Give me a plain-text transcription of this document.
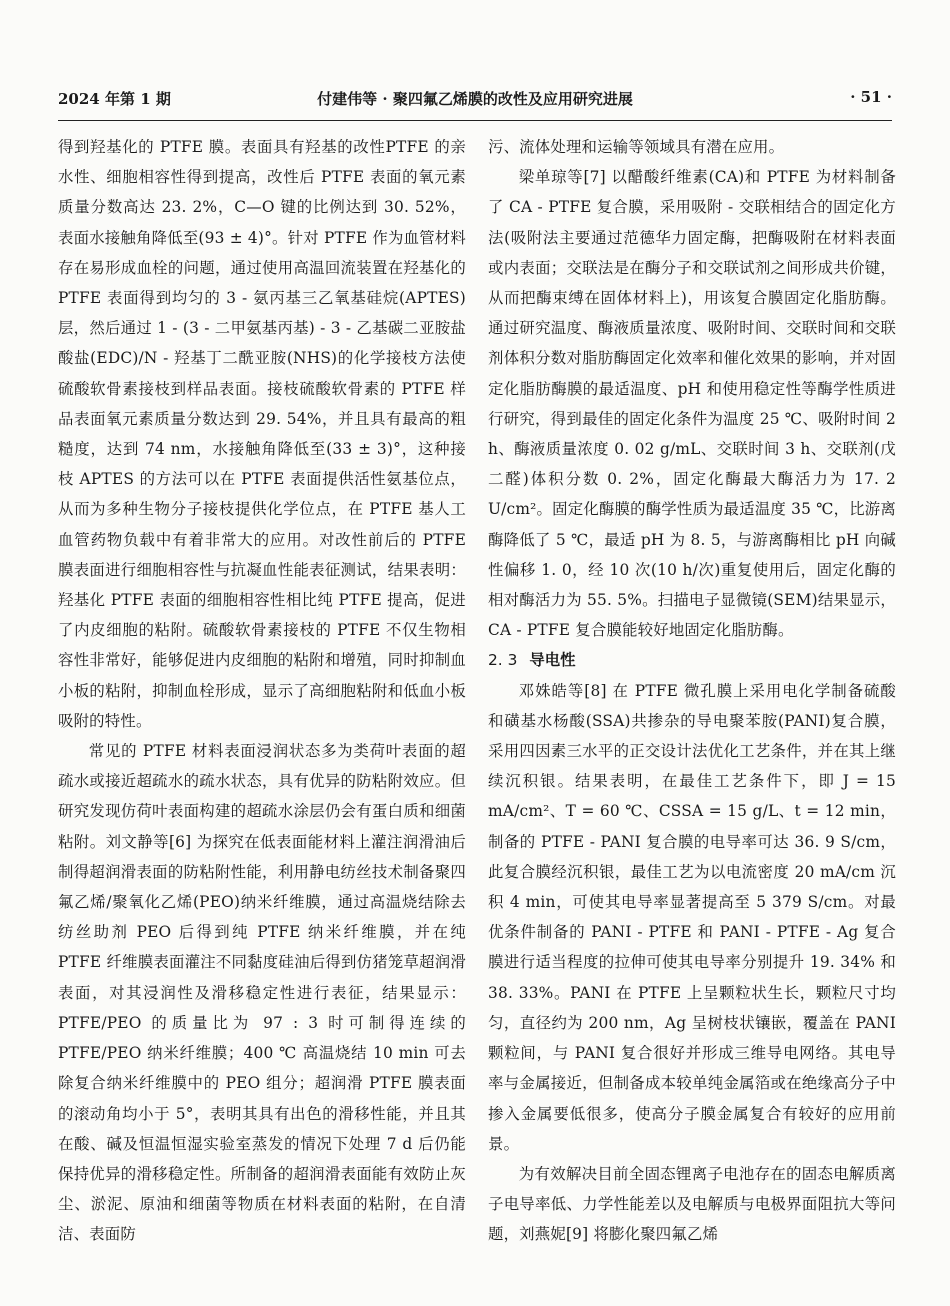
2024 年第 1 期	付建伟等 · 聚四氟乙烯膜的改性及应用研究进展	· 51 ·

得到羟基化的 PTFE 膜。表面具有羟基的改性PTFE 的亲水性、细胞相容性得到提高，改性后 PTFE 表面的氧元素质量分数高达 23. 2%，C—O 键的比例达到 30. 52%，表面水接触角降低至(93 ± 4)°。针对 PTFE 作为血管材料存在易形成血栓的问题，通过使用高温回流装置在羟基化的 PTFE 表面得到均匀的 3 - 氨丙基三乙氧基硅烷(APTES)层，然后通过 1 - (3 - 二甲氨基丙基) - 3 - 乙基碳二亚胺盐酸盐(EDC)/N - 羟基丁二酰亚胺(NHS)的化学接枝方法使硫酸软骨素接枝到样品表面。接枝硫酸软骨素的 PTFE 样品表面氧元素质量分数达到 29. 54%，并且具有最高的粗糙度，达到 74 nm，水接触角降低至(33 ± 3)°，这种接枝 APTES 的方法可以在 PTFE 表面提供活性氨基位点，从而为多种生物分子接枝提供化学位点，在 PTFE 基人工血管药物负载中有着非常大的应用。对改性前后的 PTFE 膜表面进行细胞相容性与抗凝血性能表征测试，结果表明：羟基化 PTFE 表面的细胞相容性相比纯 PTFE 提高，促进了内皮细胞的粘附。硫酸软骨素接枝的 PTFE 不仅生物相容性非常好，能够促进内皮细胞的粘附和增殖，同时抑制血小板的粘附，抑制血栓形成，显示了高细胞粘附和低血小板吸附的特性。

常见的 PTFE 材料表面浸润状态多为类荷叶表面的超疏水或接近超疏水的疏水状态，具有优异的防粘附效应。但研究发现仿荷叶表面构建的超疏水涂层仍会有蛋白质和细菌粘附。刘文静等[6] 为探究在低表面能材料上灌注润滑油后制得超润滑表面的防粘附性能，利用静电纺丝技术制备聚四氟乙烯/聚氧化乙烯(PEO)纳米纤维膜，通过高温烧结除去纺丝助剂 PEO 后得到纯 PTFE 纳米纤维膜，并在纯 PTFE 纤维膜表面灌注不同黏度硅油后得到仿猪笼草超润滑表面，对其浸润性及滑移稳定性进行表征，结果显示：PTFE/PEO 的质量比为 97 : 3 时可制得连续的 PTFE/PEO 纳米纤维膜；400 ℃ 高温烧结 10 min 可去除复合纳米纤维膜中的 PEO 组分；超润滑 PTFE 膜表面的滚动角均小于 5°，表明其具有出色的滑移性能，并且其在酸、碱及恒温恒湿实验室蒸发的情况下处理 7 d 后仍能保持优异的滑移稳定性。所制备的超润滑表面能有效防止灰尘、淤泥、原油和细菌等物质在材料表面的粘附，在自清洁、表面防

污、流体处理和运输等领域具有潜在应用。

梁单琼等[7] 以醋酸纤维素(CA)和 PTFE 为材料制备了 CA - PTFE 复合膜，采用吸附 - 交联相结合的固定化方法(吸附法主要通过范德华力固定酶，把酶吸附在材料表面或内表面；交联法是在酶分子和交联试剂之间形成共价键，从而把酶束缚在固体材料上)，用该复合膜固定化脂肪酶。通过研究温度、酶液质量浓度、吸附时间、交联时间和交联剂体积分数对脂肪酶固定化效率和催化效果的影响，并对固定化脂肪酶膜的最适温度、pH 和使用稳定性等酶学性质进行研究，得到最佳的固定化条件为温度 25 ℃、吸附时间 2 h、酶液质量浓度 0. 02 g/mL、交联时间 3 h、交联剂(戊二醛)体积分数 0. 2%，固定化酶最大酶活力为 17. 2 U/cm²。固定化酶膜的酶学性质为最适温度 35 ℃，比游离酶降低了 5 ℃，最适 pH 为 8. 5，与游离酶相比 pH 向碱性偏移 1. 0，经 10 次(10 h/次)重复使用后，固定化酶的相对酶活力为 55. 5%。扫描电子显微镜(SEM)结果显示，CA - PTFE 复合膜能较好地固定化脂肪酶。

2. 3 导电性

邓姝皓等[8] 在 PTFE 微孔膜上采用电化学制备硫酸和磺基水杨酸(SSA)共掺杂的导电聚苯胺(PANI)复合膜，采用四因素三水平的正交设计法优化工艺条件，并在其上继续沉积银。结果表明，在最佳工艺条件下，即 J = 15 mA/cm²、T = 60 ℃、CSSA = 15 g/L、t = 12 min，制备的 PTFE - PANI 复合膜的电导率可达 36. 9 S/cm，此复合膜经沉积银，最佳工艺为以电流密度 20 mA/cm 沉积 4 min，可使其电导率显著提高至 5 379 S/cm。对最优条件制备的 PANI - PTFE 和 PANI - PTFE - Ag 复合膜进行适当程度的拉伸可使其电导率分别提升 19. 34% 和 38. 33%。PANI 在 PTFE 上呈颗粒状生长，颗粒尺寸均匀，直径约为 200 nm，Ag 呈树枝状镶嵌，覆盖在 PANI 颗粒间，与 PANI 复合很好并形成三维导电网络。其电导率与金属接近，但制备成本较单纯金属箔或在绝缘高分子中掺入金属要低很多，使高分子膜金属复合有较好的应用前景。

为有效解决目前全固态锂离子电池存在的固态电解质离子电导率低、力学性能差以及电解质与电极界面阻抗大等问题，刘燕妮[9] 将膨化聚四氟乙烯
